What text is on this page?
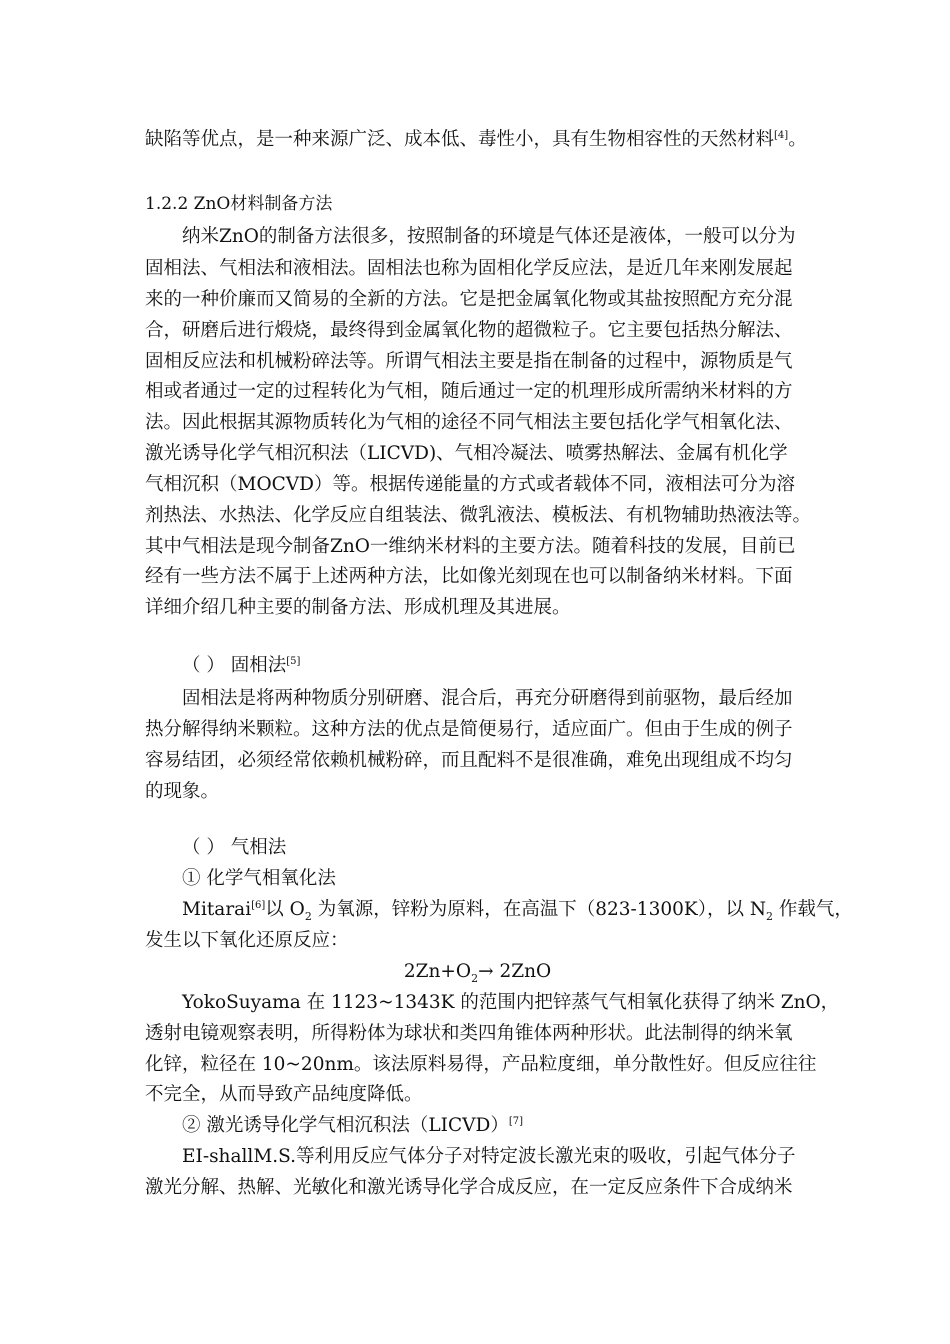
缺陷等优点，是一种来源广泛、成本低、毒性小，具有生物相容性的天然材料[4]。
1.2.2 ZnO材料制备方法
纳米ZnO的制备方法很多，按照制备的环境是气体还是液体，一般可以分为
固相法、气相法和液相法。固相法也称为固相化学反应法，是近几年来刚发展起
来的一种价廉而又简易的全新的方法。它是把金属氧化物或其盐按照配方充分混
合，研磨后进行煅烧，最终得到金属氧化物的超微粒子。它主要包括热分解法、
固相反应法和机械粉碎法等。所谓气相法主要是指在制备的过程中，源物质是气
相或者通过一定的过程转化为气相，随后通过一定的机理形成所需纳米材料的方
法。因此根据其源物质转化为气相的途径不同气相法主要包括化学气相氧化法、
激光诱导化学气相沉积法（LICVD)、气相冷凝法、喷雾热解法、金属有机化学
气相沉积（MOCVD）等。根据传递能量的方式或者载体不同，液相法可分为溶
剂热法、水热法、化学反应自组装法、微乳液法、模板法、有机物辅助热液法等。
其中气相法是现今制备ZnO一维纳米材料的主要方法。随着科技的发展，目前已
经有一些方法不属于上述两种方法，比如像光刻现在也可以制备纳米材料。下面
详细介绍几种主要的制备方法、形成机理及其进展。
（ ） 固相法[5]
固相法是将两种物质分别研磨、混合后，再充分研磨得到前驱物，最后经加
热分解得纳米颗粒。这种方法的优点是简便易行，适应面广。但由于生成的例子
容易结团，必须经常依赖机械粉碎，而且配料不是很准确，难免出现组成不均匀
的现象。
（ ） 气相法
① 化学气相氧化法
Mitarai[6]以 $O_2$ 为氧源，锌粉为原料，在高温下（823-1300K），以 $N_2$ 作载气，
发生以下氧化还原反应：
$2Zn+O_2\to 2ZnO$
YokoSuyama 在 1123~1343K 的范围内把锌蒸气气相氧化获得了纳米 ZnO，
透射电镜观察表明，所得粉体为球状和类四角锥体两种形状。此法制得的纳米氧
化锌，粒径在 10~20nm。该法原料易得，产品粒度细，单分散性好。但反应往往
不完全，从而导致产品纯度降低。
② 激光诱导化学气相沉积法（LICVD）[7]
EI-shallM.S.等利用反应气体分子对特定波长激光束的吸收，引起气体分子
激光分解、热解、光敏化和激光诱导化学合成反应，在一定反应条件下合成纳米
